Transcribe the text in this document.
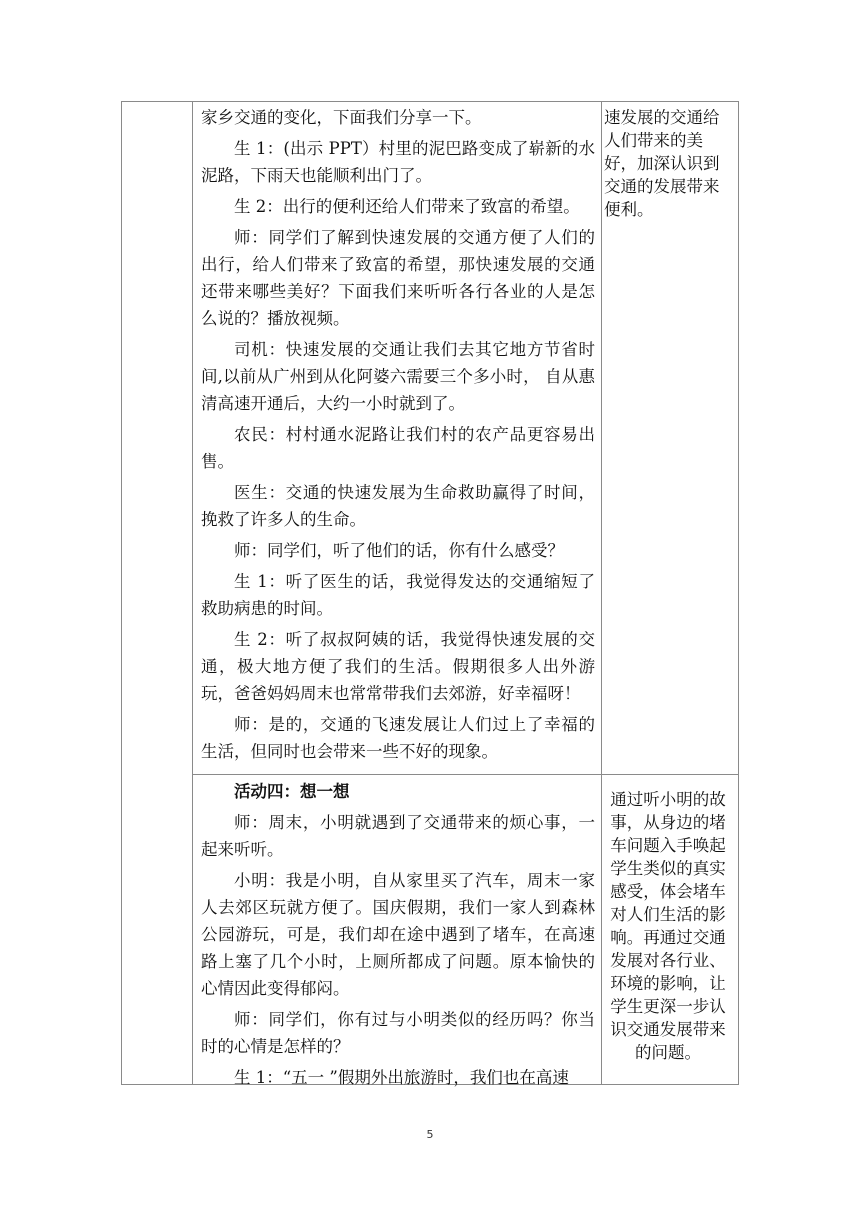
家乡交通的变化，下面我们分享一下。

生 1：(出示 PPT）村里的泥巴路变成了崭新的水泥路，下雨天也能顺利出门了。

生 2：出行的便利还给人们带来了致富的希望。

师：同学们了解到快速发展的交通方便了人们的出行，给人们带来了致富的希望，那快速发展的交通还带来哪些美好？下面我们来听听各行各业的人是怎么说的？播放视频。

司机：快速发展的交通让我们去其它地方节省时间,以前从广州到从化阿婆六需要三个多小时， 自从惠清高速开通后，大约一小时就到了。

农民：村村通水泥路让我们村的农产品更容易出售。

医生：交通的快速发展为生命救助赢得了时间，挽救了许多人的生命。

师：同学们，听了他们的话，你有什么感受？

生 1：听了医生的话，我觉得发达的交通缩短了救助病患的时间。

生 2：听了叔叔阿姨的话，我觉得快速发展的交通，极大地方便了我们的生活。假期很多人出外游玩，爸爸妈妈周末也常常带我们去郊游，好幸福呀！

师：是的，交通的飞速发展让人们过上了幸福的生活，但同时也会带来一些不好的现象。

速发展的交通给人们带来的美好，加深认识到交通的发展带来便利。

活动四：想一想

师：周末，小明就遇到了交通带来的烦心事，一起来听听。

小明：我是小明，自从家里买了汽车，周末一家人去郊区玩就方便了。国庆假期，我们一家人到森林公园游玩，可是，我们却在途中遇到了堵车，在高速路上塞了几个小时，上厕所都成了问题。原本愉快的心情因此变得郁闷。

师：同学们，你有过与小明类似的经历吗？你当时的心情是怎样的？

生 1：“五一 ”假期外出旅游时，我们也在高速

通过听小明的故事，从身边的堵车问题入手唤起学生类似的真实感受，体会堵车对人们生活的影响。再通过交通发展对各行业、环境的影响，让学生更深一步认识交通发展带来的问题。

5
